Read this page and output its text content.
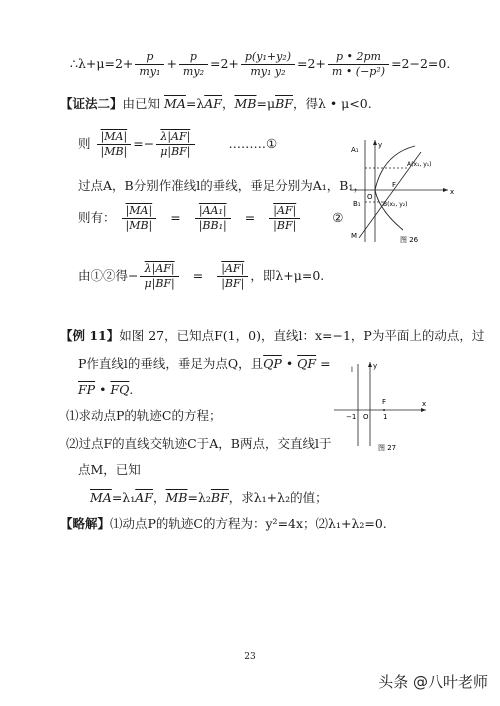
∴λ+μ=2+ $\frac{p}{\text{my₁}} + \frac{p}{\text{my₂}} =2+ \frac{\text{p(y₁+y₂)}}{\text{my₁ y₂}} =2+ \frac{p • 2pm}{\text{m • (−p²)}} =2-2=0$.
【证法二】由已知 $\overline{MA}=\lambda\overline{AF}$，$\overline{MB}=\mu\overline{BF}$，得λ • μ<0.
则 $\frac{|MA|}{|MB|} =- \frac{\lambda|AF|}{\mu|BF|}$	………①
过点A，B分别作准线l的垂线，垂足分别为A₁，B₁，
则有： $\frac{|MA|}{|MB|} = \frac{\text{|AA₁|}}{\text{|BB₁|}} = \frac{|AF|}{|BF|}$	②
由①②得− $\frac{\lambda|AF|}{\mu|BF|} = \frac{|AF|}{|BF|}$ ，即λ+μ=0.
A₁
y
A(x₁, y₁)
O
F
x
B₁	B(x₂, y₂)
M	图 26
【例 11】如图 27，已知点F(1，0)，直线l：x=−1，P为平面上的动点，过
P作直线l的垂线，垂足为点Q，且$\overline{QP}$ • $\overline{QF}$ =
$\overline{FP}$ • $\overline{FQ}$.
⑴求动点P的轨迹C的方程；
⑵过点F的直线交轨迹C于A，B两点，交直线l于
点M，已知
$\overline{MA}=\lambda_1\overline{AF}$，$\overline{MB}=\lambda_2\overline{BF}$，求λ₁+λ₂的值；
【略解】⑴动点P的轨迹C的方程为：y²=4x；⑵λ₁+λ₂=0.
l	y
F
−1 O 1
x
图 27
23
头条 @八叶老师
